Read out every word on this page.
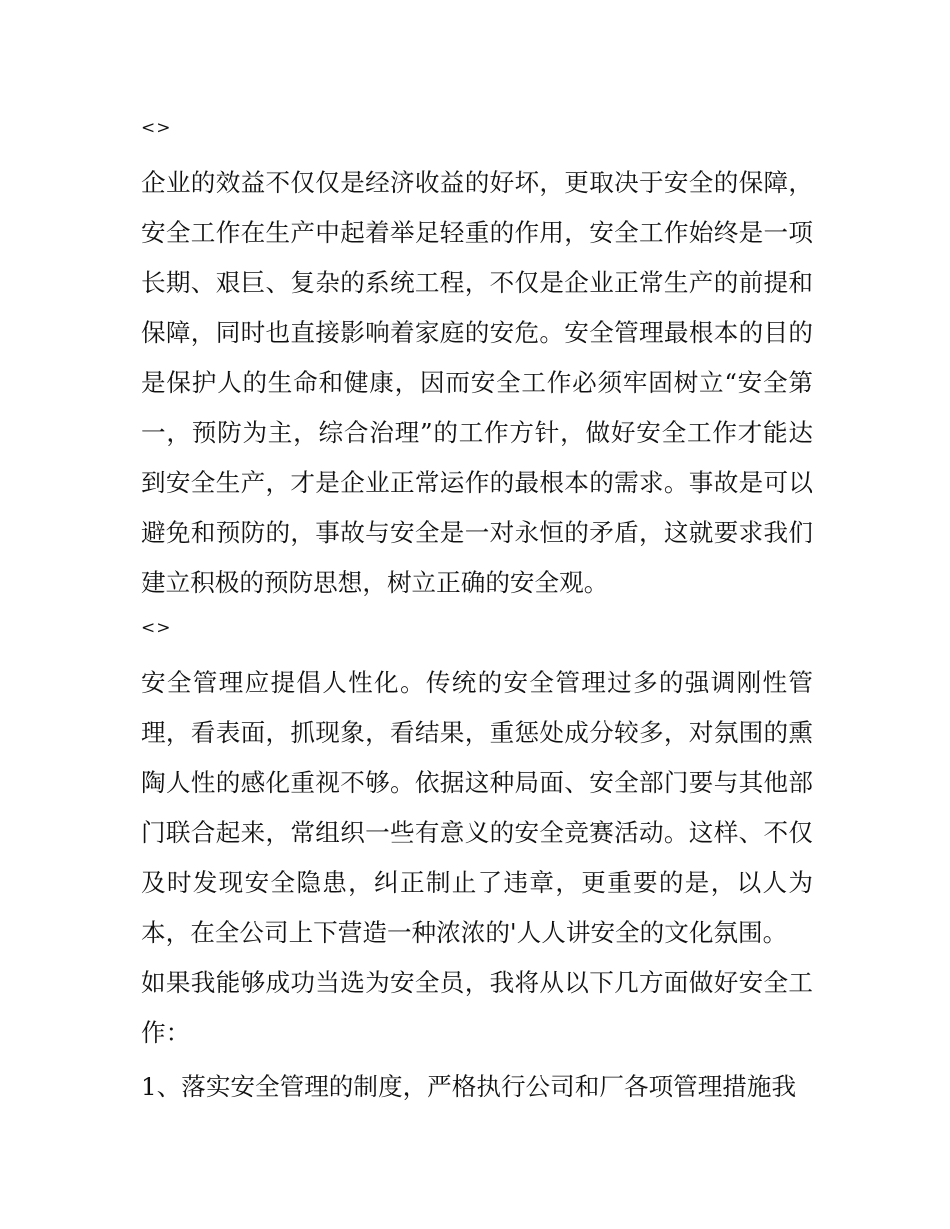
<>

企业的效益不仅仅是经济收益的好坏，更取决于安全的保障，安全工作在生产中起着举足轻重的作用，安全工作始终是一项长期、艰巨、复杂的系统工程，不仅是企业正常生产的前提和保障，同时也直接影响着家庭的安危。安全管理最根本的目的是保护人的生命和健康，因而安全工作必须牢固树立“安全第一，预防为主，综合治理”的工作方针，做好安全工作才能达到安全生产，才是企业正常运作的最根本的需求。事故是可以避免和预防的，事故与安全是一对永恒的矛盾，这就要求我们建立积极的预防思想，树立正确的安全观。

<>

安全管理应提倡人性化。传统的安全管理过多的强调刚性管理，看表面，抓现象，看结果，重惩处成分较多，对氛围的熏陶人性的感化重视不够。依据这种局面、安全部门要与其他部门联合起来，常组织一些有意义的安全竞赛活动。这样、不仅及时发现安全隐患，纠正制止了违章，更重要的是，以人为本，在全公司上下营造一种浓浓的'人人讲安全的文化氛围。

如果我能够成功当选为安全员，我将从以下几方面做好安全工作：

1、落实安全管理的制度，严格执行公司和厂各项管理措施我
